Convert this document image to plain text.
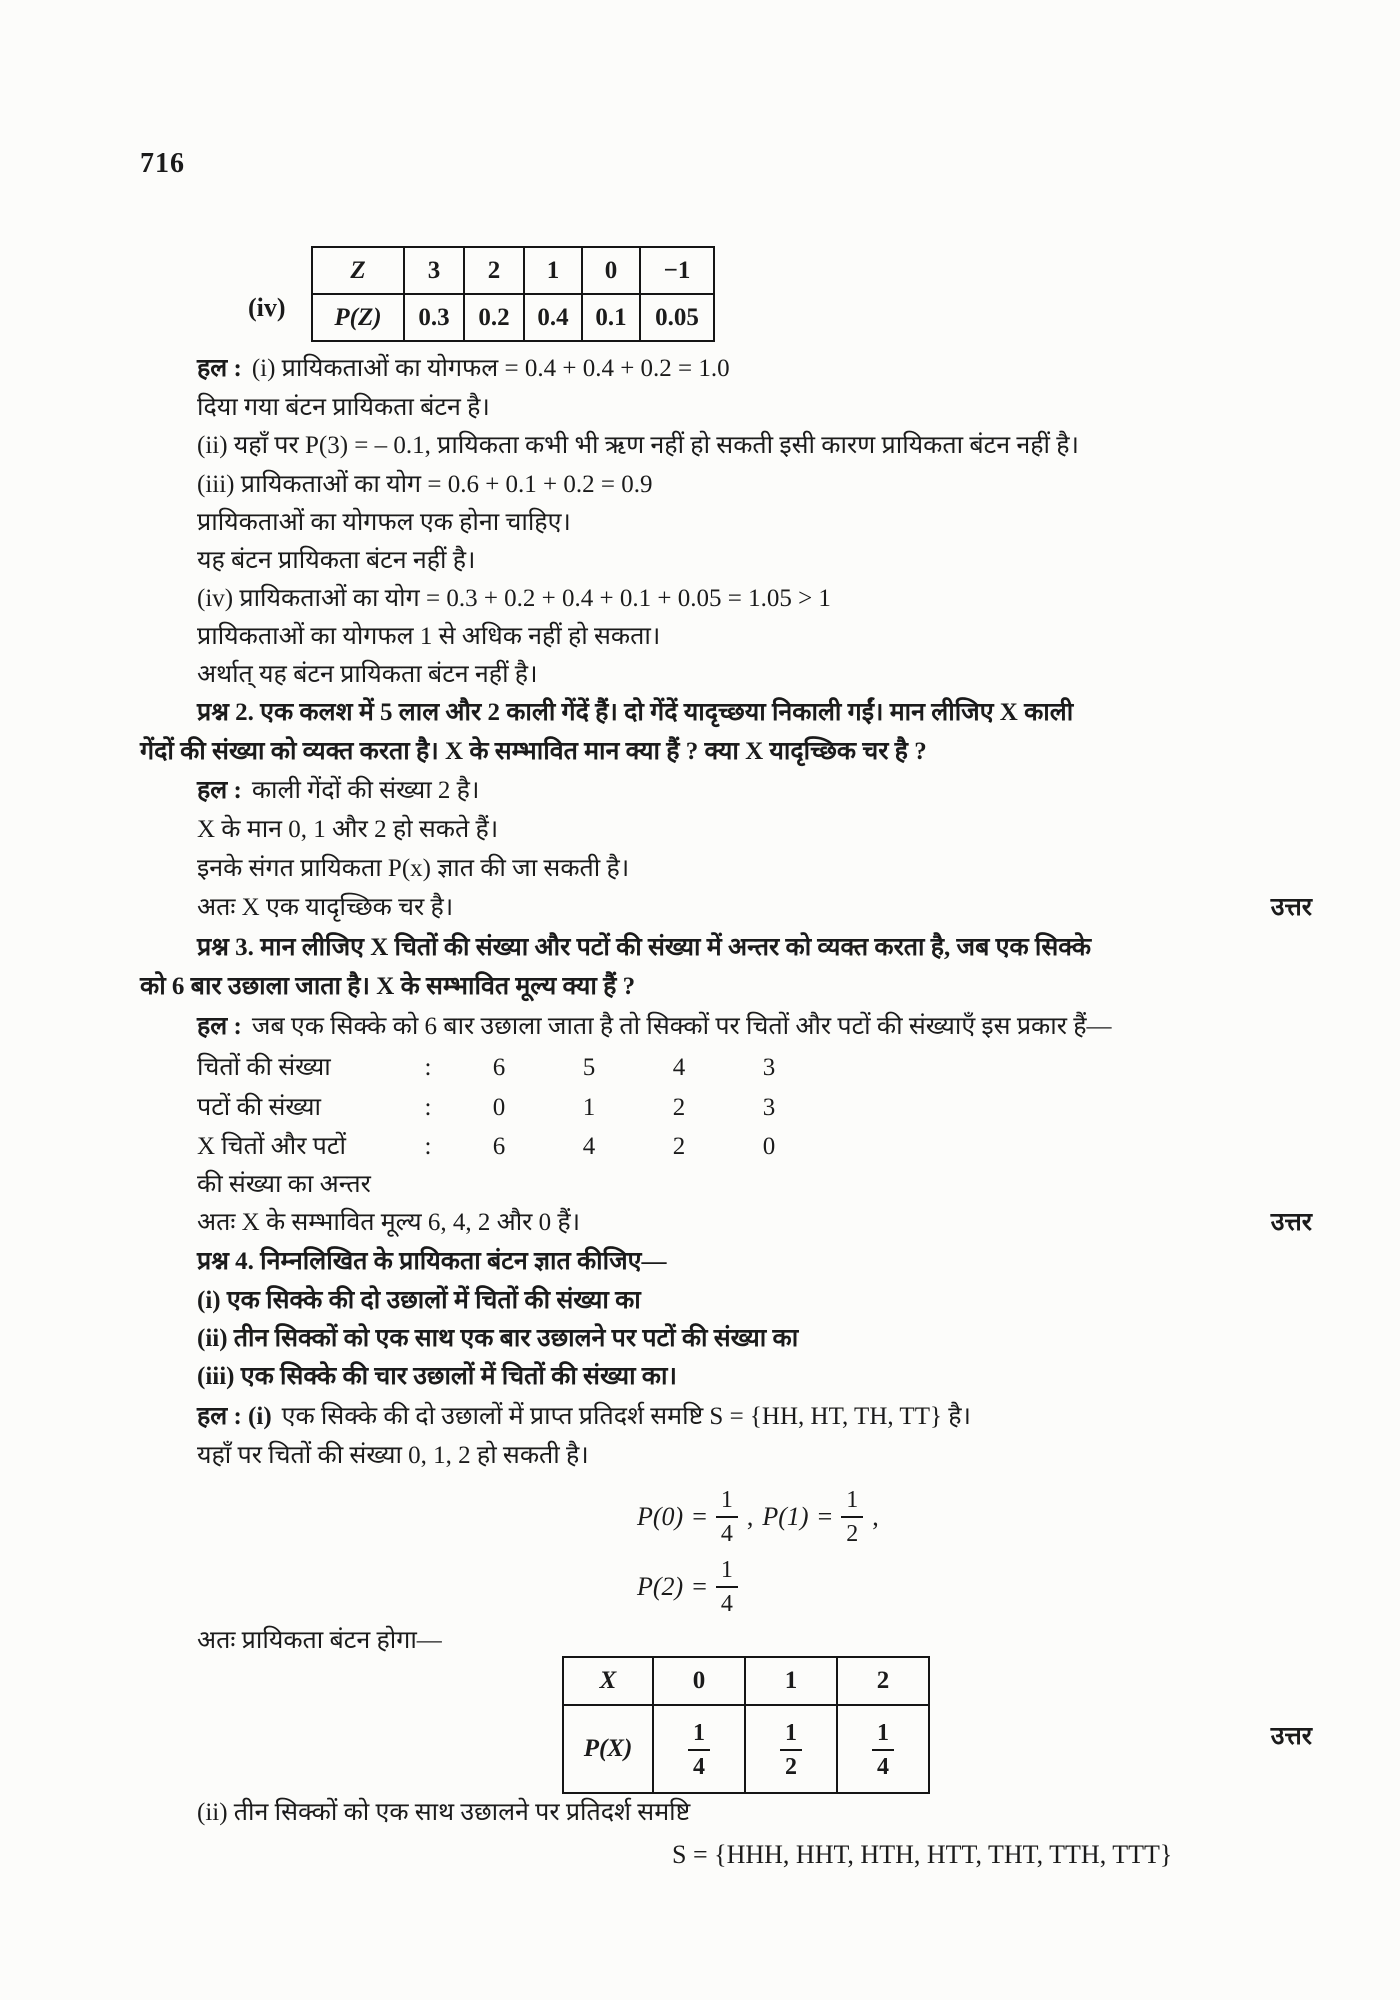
716
(iv)
Z	3	2	1	0	−1
P(Z)	0.3	0.2	0.4	0.1	0.05
हल : (i) प्रायिकताओं का योगफल = 0.4 + 0.4 + 0.2 = 1.0
दिया गया बंटन प्रायिकता बंटन है।
(ii) यहाँ पर P(3) = – 0.1, प्रायिकता कभी भी ऋण नहीं हो सकती इसी कारण प्रायिकता बंटन नहीं है।
(iii) प्रायिकताओं का योग = 0.6 + 0.1 + 0.2 = 0.9
प्रायिकताओं का योगफल एक होना चाहिए।
यह बंटन प्रायिकता बंटन नहीं है।
(iv) प्रायिकताओं का योग = 0.3 + 0.2 + 0.4 + 0.1 + 0.05 = 1.05 > 1
प्रायिकताओं का योगफल 1 से अधिक नहीं हो सकता।
अर्थात् यह बंटन प्रायिकता बंटन नहीं है।
प्रश्न 2. एक कलश में 5 लाल और 2 काली गेंदें हैं। दो गेंदें यादृच्छया निकाली गईं। मान लीजिए X काली
गेंदों की संख्या को व्यक्त करता है। X के सम्भावित मान क्या हैं ? क्या X यादृच्छिक चर है ?
हल : काली गेंदों की संख्या 2 है।
X के मान 0, 1 और 2 हो सकते हैं।
इनके संगत प्रायिकता P(x) ज्ञात की जा सकती है।
अतः X एक यादृच्छिक चर है।	उत्तर
प्रश्न 3. मान लीजिए X चितों की संख्या और पटों की संख्या में अन्तर को व्यक्त करता है, जब एक सिक्के
को 6 बार उछाला जाता है। X के सम्भावित मूल्य क्या हैं ?
हल : जब एक सिक्के को 6 बार उछाला जाता है तो सिक्कों पर चितों और पटों की संख्याएँ इस प्रकार हैं—
चितों की संख्या	:	6	5	4	3
पटों की संख्या	:	0	1	2	3
X चितों और पटों	:	6	4	2	0
की संख्या का अन्तर
अतः X के सम्भावित मूल्य 6, 4, 2 और 0 हैं।	उत्तर
प्रश्न 4. निम्नलिखित के प्रायिकता बंटन ज्ञात कीजिए—
(i) एक सिक्के की दो उछालों में चितों की संख्या का
(ii) तीन सिक्कों को एक साथ एक बार उछालने पर पटों की संख्या का
(iii) एक सिक्के की चार उछालों में चितों की संख्या का।
हल : (i) एक सिक्के की दो उछालों में प्राप्त प्रतिदर्श समष्टि S = {HH, HT, TH, TT} है।
यहाँ पर चितों की संख्या 0, 1, 2 हो सकती है।
$P(0) = \frac{1}{4}$ , $P(1) = \frac{1}{2}$ ,
$P(2) = \frac{1}{4}$
अतः प्रायिकता बंटन होगा—
X	0	1	2
P(X)	$\frac{1}{4}$	$\frac{1}{2}$	$\frac{1}{4}$	उत्तर
(ii) तीन सिक्कों को एक साथ उछालने पर प्रतिदर्श समष्टि
S = {HHH, HHT, HTH, HTT, THT, TTH, TTT}
